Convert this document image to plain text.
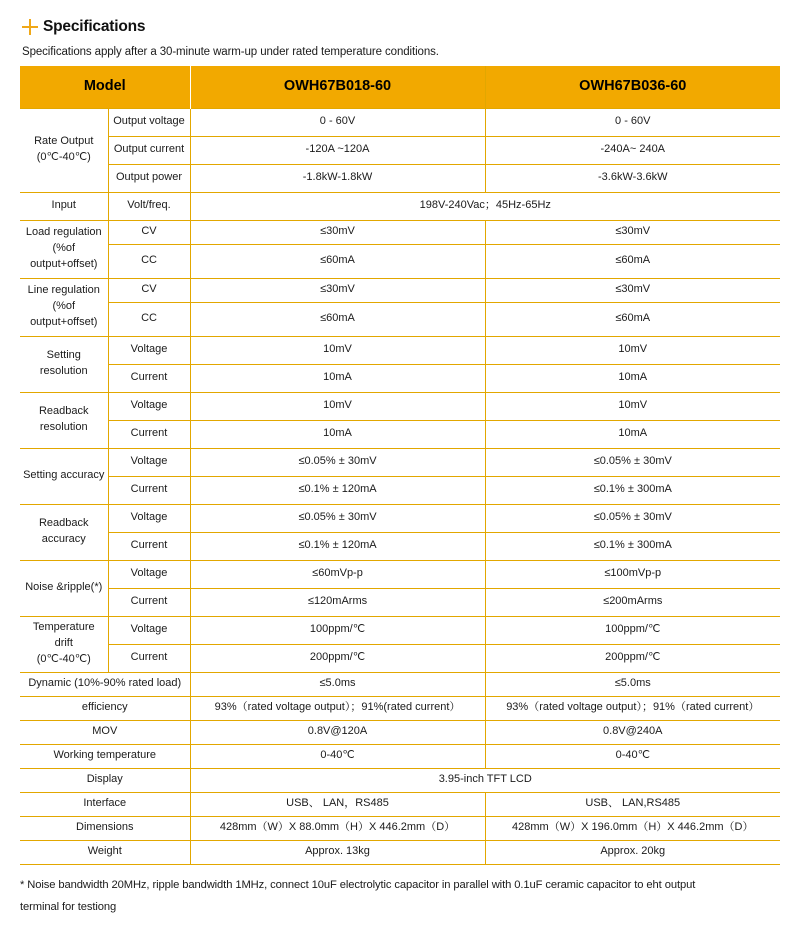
Specifications
Specifications apply after a 30-minute warm-up under rated temperature conditions.
Model		OWH67B018-60	OWH67B036-60

Rate Output
(0℃-40℃)	Output voltage	0 - 60V	0 - 60V
	Output current	-120A ~120A	-240A~ 240A
	Output power	-1.8kW-1.8kW	-3.6kW-3.6kW
Input	Volt/freq.	198V-240Vac；45Hz-65Hz	

Load regulation
(%of
output+offset)	CV	≤30mV	≤30mV
	CC	≤60mA	≤60mA

Line regulation
(%of
output+offset)	CV	≤30mV	≤30mV
	CC	≤60mA	≤60mA
Setting resolution	Voltage	10mV	10mV
	Current	10mA	10mA

Readback
resolution	Voltage	10mV	10mV
	Current	10mA	10mA
Setting accuracy	Voltage	≤0.05% ± 30mV	≤0.05% ± 30mV
	Current	≤0.1% ± 120mA	≤0.1% ± 300mA

Readback
accuracy	Voltage	≤0.05% ± 30mV	≤0.05% ± 30mV
	Current	≤0.1% ± 120mA	≤0.1% ± 300mA
Noise &ripple(*)	Voltage	≤60mVp-p	≤100mVp-p
	Current	≤120mArms	≤200mArms

Temperature drift
(0℃-40℃)	Voltage	100ppm/℃	100ppm/℃
	Current	200ppm/℃	200ppm/℃
Dynamic (10%-90% rated load)		≤5.0ms	≤5.0ms
efficiency		93%（rated voltage output）；91%(rated current）	93%（rated voltage output）；91%（rated current）
MOV		0.8V@120A	0.8V@240A
Working temperature		0-40℃	0-40℃
Display		3.95-inch TFT LCD	
Interface		USB、 LAN，RS485	USB、 LAN,RS485
Dimensions		428mm（W）X 88.0mm（H）X 446.2mm（D）	428mm（W）X 196.0mm（H）X 446.2mm（D）
Weight		Approx. 13kg	Approx. 20kg
* Noise bandwidth 20MHz, ripple bandwidth 1MHz, connect 10uF electrolytic capacitor in parallel with 0.1uF ceramic capacitor to eht output
terminal for testiong
